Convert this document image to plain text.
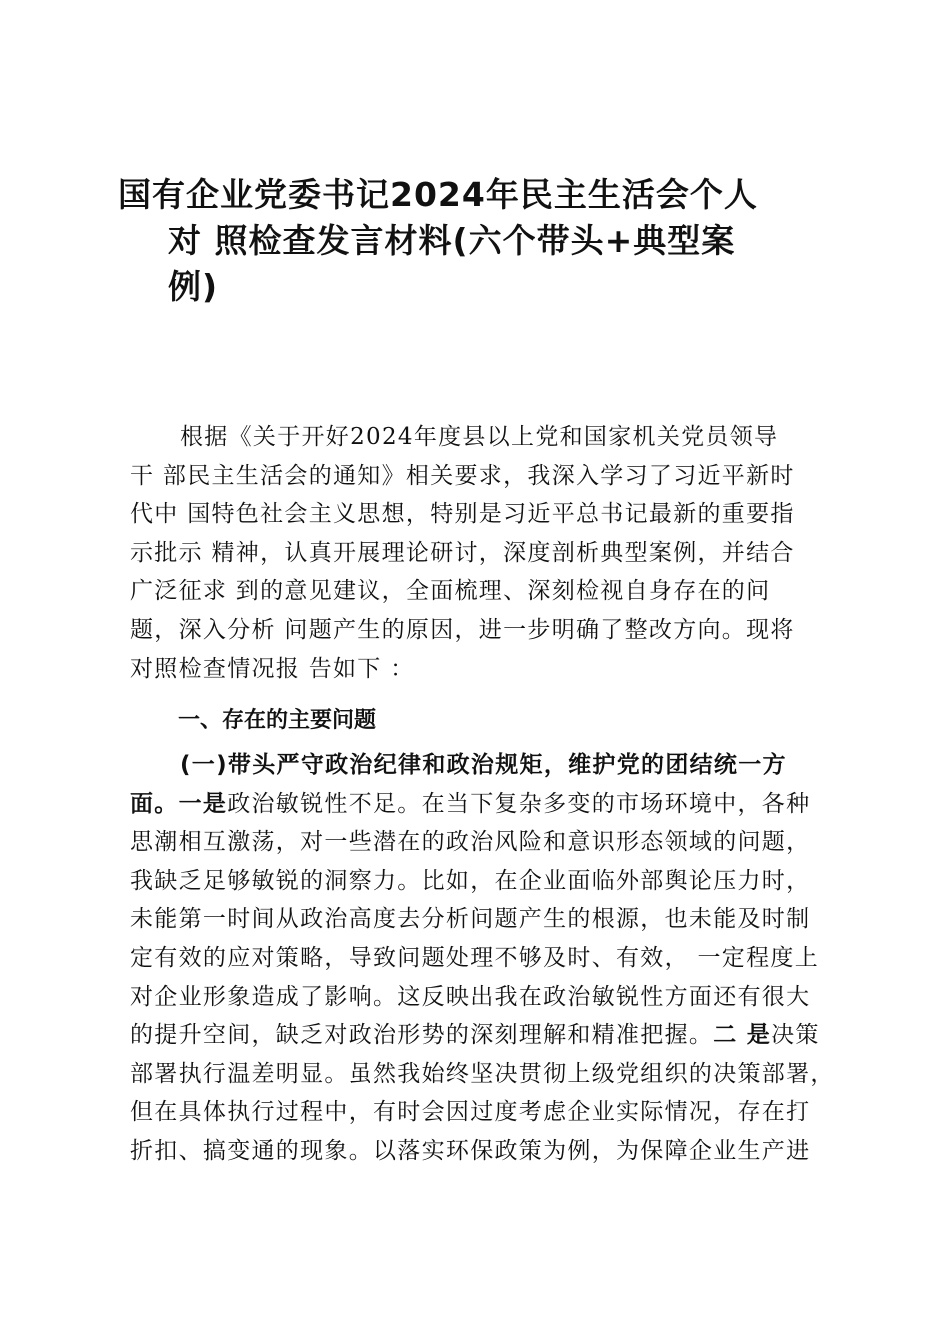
国有企业党委书记2024年民主生活会个人
对 照检查发言材料(六个带头+典型案
例)
根据《关于开好2024年度县以上党和国家机关党员领导
干 部民主生活会的通知》相关要求，我深入学习了习近平新时
代中 国特色社会主义思想，特别是习近平总书记最新的重要指
示批示 精神，认真开展理论研讨，深度剖析典型案例，并结合
广泛征求 到的意见建议，全面梳理、深刻检视自身存在的问
题，深入分析 问题产生的原因，进一步明确了整改方向。现将
对照检查情况报 告如下 ：
一、存在的主要问题
(一)带头严守政治纪律和政治规矩，维护党的团结统一方
面。一是政治敏锐性不足。在当下复杂多变的市场环境中，各种
思潮相互激荡，对一些潜在的政治风险和意识形态领域的问题，
我缺乏足够敏锐的洞察力。比如，在企业面临外部舆论压力时，
未能第一时间从政治高度去分析问题产生的根源，也未能及时制
定有效的应对策略，导致问题处理不够及时、有效， 一定程度上
对企业形象造成了影响。这反映出我在政治敏锐性方面还有很大
的提升空间，缺乏对政治形势的深刻理解和精准把握。二 是决策
部署执行温差明显。虽然我始终坚决贯彻上级党组织的决策部署，
但在具体执行过程中，有时会因过度考虑企业实际情况，存在打
折扣、搞变通的现象。以落实环保政策为例，为保障企业生产进
